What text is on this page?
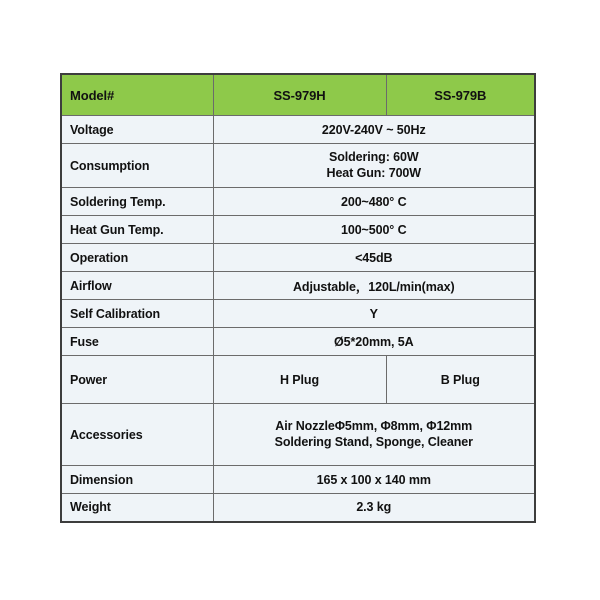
Model#	SS-979H	SS-979B
Voltage	220V-240V ~ 50Hz	
Consumption	Soldering: 60W
Heat Gun: 700W	

Soldering Temp.	200~480° C	
Heat Gun Temp.	100~500° C	
Operation	<45dB	
Airflow	Adjustable，120L/min(max)	
Self Calibration	Y	
Fuse	Ø5*20mm, 5A	
Power	H Plug	B Plug
Accessories	Air NozzleΦ5mm, Φ8mm, Φ12mm
Soldering Stand, Sponge, Cleaner	

Dimension	165 x 100 x 140 mm	
Weight	2.3 kg	
